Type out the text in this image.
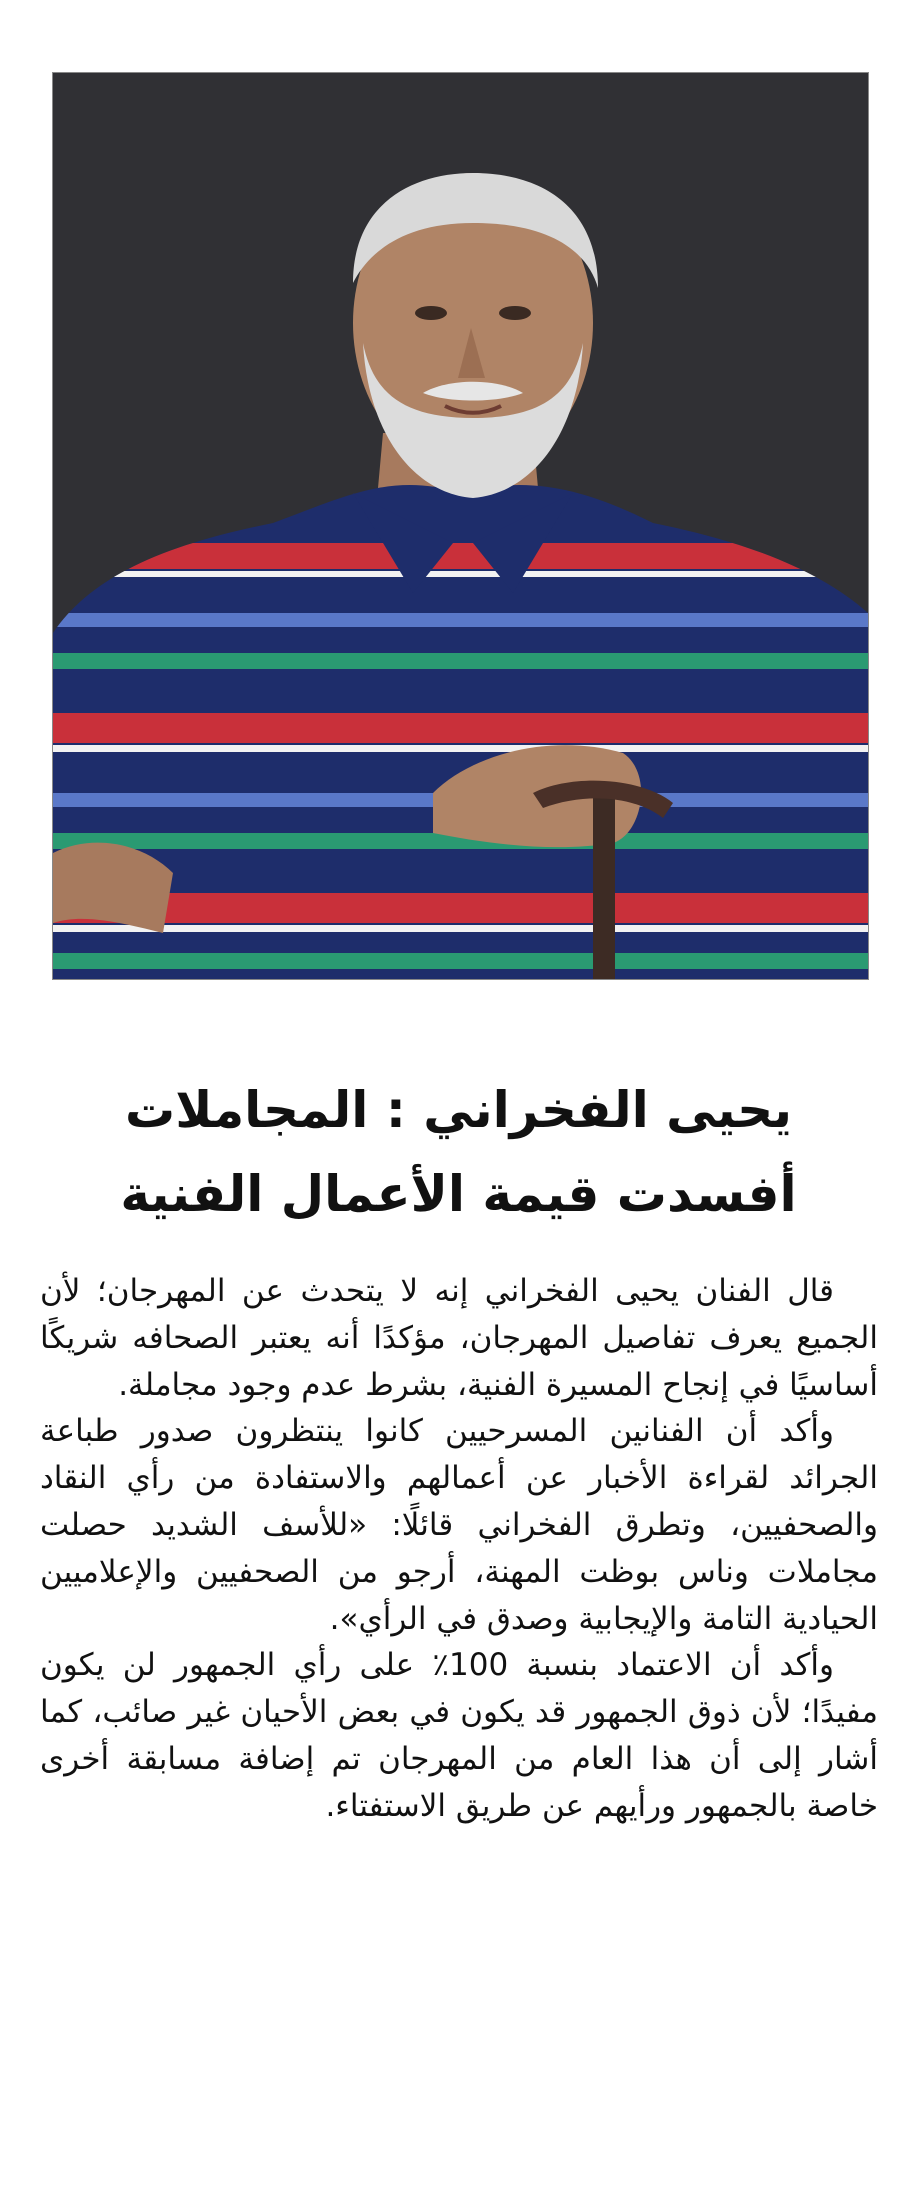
يحيى الفخراني : المجاملات
أفسدت قيمة الأعمال الفنية

قال الفنان يحيى الفخراني إنه لا يتحدث عن المهرجان؛ لأن الجميع يعرف تفاصيل المهرجان، مؤكدًا أنه يعتبر الصحافه شريكًا أساسيًا في إنجاح المسيرة الفنية، بشرط عدم وجود مجاملة.

وأكد أن الفنانين المسرحيين كانوا ينتظرون صدور طباعة الجرائد لقراءة الأخبار عن أعمالهم والاستفادة من رأي النقاد والصحفيين، وتطرق الفخراني قائلًا: «للأسف الشديد حصلت مجاملات وناس بوظت المهنة، أرجو من الصحفيين والإعلاميين الحيادية التامة والإيجابية وصدق في الرأي».

وأكد أن الاعتماد بنسبة 100٪ على رأي الجمهور لن يكون مفيدًا؛ لأن ذوق الجمهور قد يكون في بعض الأحيان غير صائب، كما أشار إلى أن هذا العام من المهرجان تم إضافة مسابقة أخرى خاصة بالجمهور ورأيهم عن طريق الاستفتاء.
